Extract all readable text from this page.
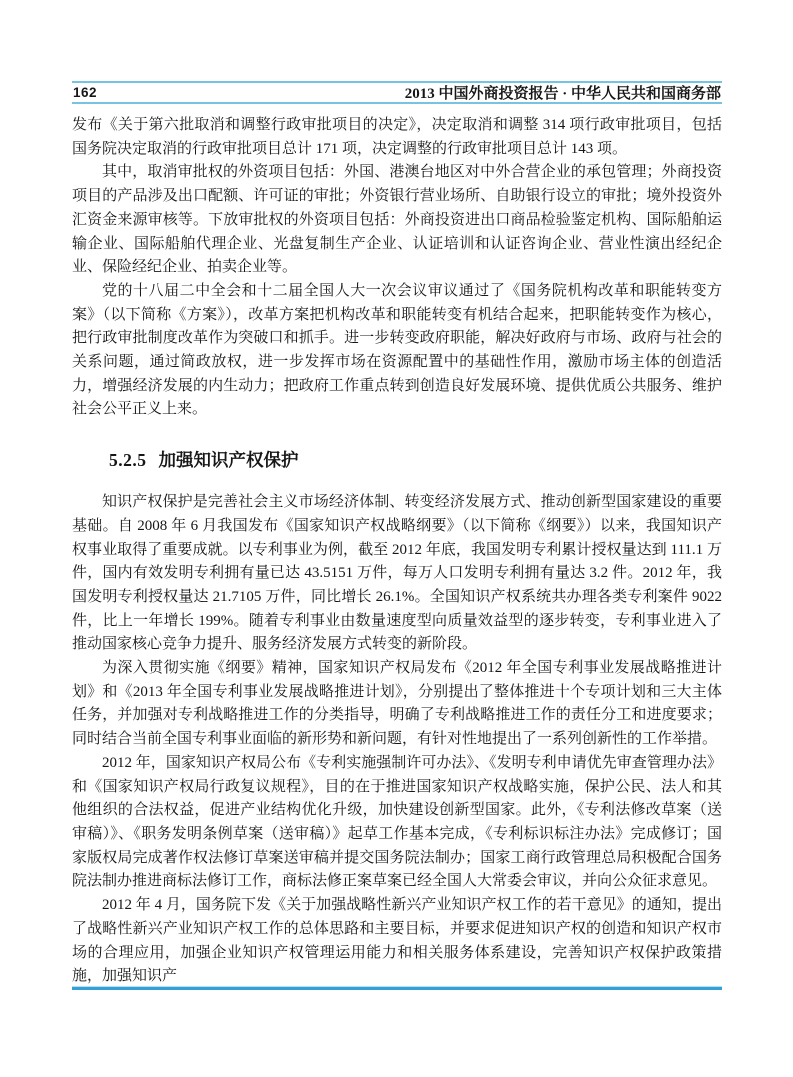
162	2013 中国外商投资报告 · 中华人民共和国商务部

发布《关于第六批取消和调整行政审批项目的决定》，决定取消和调整 314 项行政审批项目，包括国务院决定取消的行政审批项目总计 171 项，决定调整的行政审批项目总计 143 项。

其中，取消审批权的外资项目包括：外国、港澳台地区对中外合营企业的承包管理；外商投资项目的产品涉及出口配额、许可证的审批；外资银行营业场所、自助银行设立的审批；境外投资外汇资金来源审核等。下放审批权的外资项目包括：外商投资进出口商品检验鉴定机构、国际船舶运输企业、国际船舶代理企业、光盘复制生产企业、认证培训和认证咨询企业、营业性演出经纪企业、保险经纪企业、拍卖企业等。

党的十八届二中全会和十二届全国人大一次会议审议通过了《国务院机构改革和职能转变方案》（以下简称《方案》），改革方案把机构改革和职能转变有机结合起来，把职能转变作为核心，把行政审批制度改革作为突破口和抓手。进一步转变政府职能，解决好政府与市场、政府与社会的关系问题，通过简政放权，进一步发挥市场在资源配置中的基础性作用，激励市场主体的创造活力，增强经济发展的内生动力；把政府工作重点转到创造良好发展环境、提供优质公共服务、维护社会公平正义上来。

5.2.5 加强知识产权保护

知识产权保护是完善社会主义市场经济体制、转变经济发展方式、推动创新型国家建设的重要基础。自 2008 年 6 月我国发布《国家知识产权战略纲要》（以下简称《纲要》）以来，我国知识产权事业取得了重要成就。以专利事业为例，截至 2012 年底，我国发明专利累计授权量达到 111.1 万件，国内有效发明专利拥有量已达 43.5151 万件，每万人口发明专利拥有量达 3.2 件。2012 年，我国发明专利授权量达 21.7105 万件，同比增长 26.1%。全国知识产权系统共办理各类专利案件 9022 件，比上一年增长 199%。随着专利事业由数量速度型向质量效益型的逐步转变，专利事业进入了推动国家核心竞争力提升、服务经济发展方式转变的新阶段。

为深入贯彻实施《纲要》精神，国家知识产权局发布《2012 年全国专利事业发展战略推进计划》和《2013 年全国专利事业发展战略推进计划》，分别提出了整体推进十个专项计划和三大主体任务，并加强对专利战略推进工作的分类指导，明确了专利战略推进工作的责任分工和进度要求；同时结合当前全国专利事业面临的新形势和新问题，有针对性地提出了一系列创新性的工作举措。

2012 年，国家知识产权局公布《专利实施强制许可办法》、《发明专利申请优先审查管理办法》和《国家知识产权局行政复议规程》，目的在于推进国家知识产权战略实施，保护公民、法人和其他组织的合法权益，促进产业结构优化升级，加快建设创新型国家。此外，《专利法修改草案（送审稿）》、《职务发明条例草案（送审稿）》起草工作基本完成，《专利标识标注办法》完成修订；国家版权局完成著作权法修订草案送审稿并提交国务院法制办；国家工商行政管理总局积极配合国务院法制办推进商标法修订工作，商标法修正案草案已经全国人大常委会审议，并向公众征求意见。

2012 年 4 月，国务院下发《关于加强战略性新兴产业知识产权工作的若干意见》的通知，提出了战略性新兴产业知识产权工作的总体思路和主要目标，并要求促进知识产权的创造和知识产权市场的合理应用，加强企业知识产权管理运用能力和相关服务体系建设，完善知识产权保护政策措施，加强知识产
